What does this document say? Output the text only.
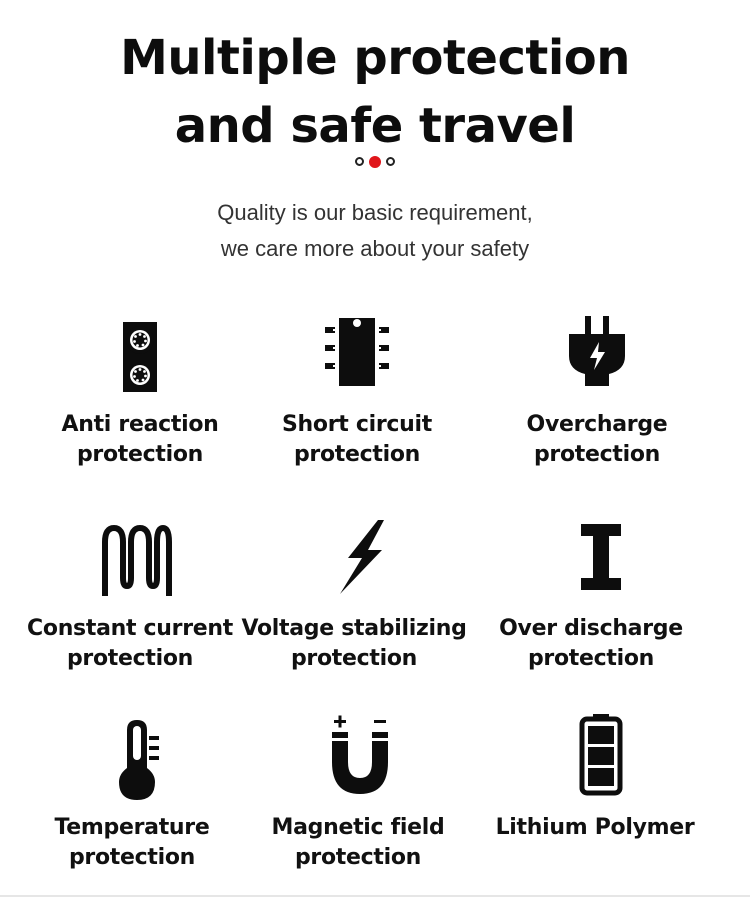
Multiple protection
and safe travel
Quality is our basic requirement,
we care more about your safety
Anti reaction
protection
Short circuit
protection
Overcharge
protection
Constant current
protection
Voltage stabilizing
protection
Over discharge
protection
Temperature
protection
Magnetic field
protection
Lithium Polymer
